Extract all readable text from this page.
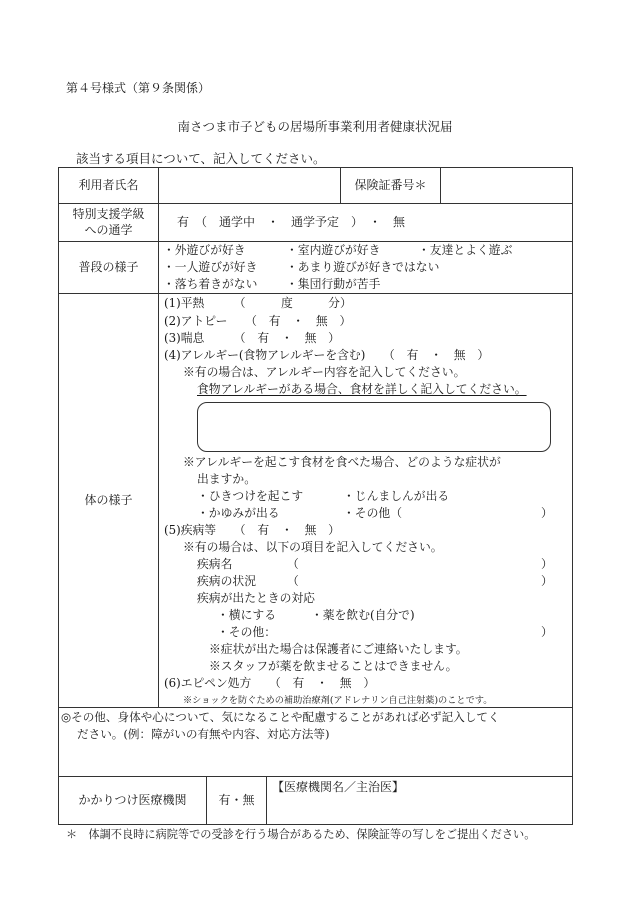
第４号様式（第９条関係）
南さつま市子どもの居場所事業利用者健康状況届
該当する項目について、記入してください。
利用者氏名	保険証番号＊
特別支援学級
への通学
有　（　通学中　・　通学予定　）　・　無
普段の様子
・外遊びが好き	・室内遊びが好き	・友達とよく遊ぶ
・一人遊びが好き ・あまり遊びが好きではない
・落ち着きがない ・集団行動が苦手
体の様子
(1)平熱　　　（　　　度　　　分）
(2)アトピー　　（　有　・　無　）
(3)喘息　　　（　有　・　無　）
(4)アレルギー(食物アレルギーを含む)　　（　有　・　無　）
※有の場合は、アレルギー内容を記入してください。
食物アレルギーがある場合、食材を詳しく記入してください。
※アレルギーを起こす食材を食べた場合、どのような症状が
出ますか。
・ひきつけを起こす	・じんましんが出る
・かゆみが出る	・その他（	）
(5)疾病等　　（　有　・　無　）
※有の場合は、以下の項目を記入してください。
疾病名	（	）
疾病の状況	（	）
疾病が出たときの対応
・横にする	・薬を飲む(自分で)
・その他：	）
※症状が出た場合は保護者にご連絡いたします。
※スタッフが薬を飲ませることはできません。
(6)エピペン処方　　（　有　・　無　）
※ショックを防ぐための補助治療剤(アドレナリン自己注射薬)のことです。
◎その他、身体や心について、気になることや配慮することがあれば必ず記入してく
ださい。(例：障がいの有無や内容、対応方法等)
かかりつけ医療機関	有・無
【医療機関名／主治医】
＊　体調不良時に病院等での受診を行う場合があるため、保険証等の写しをご提出ください。
